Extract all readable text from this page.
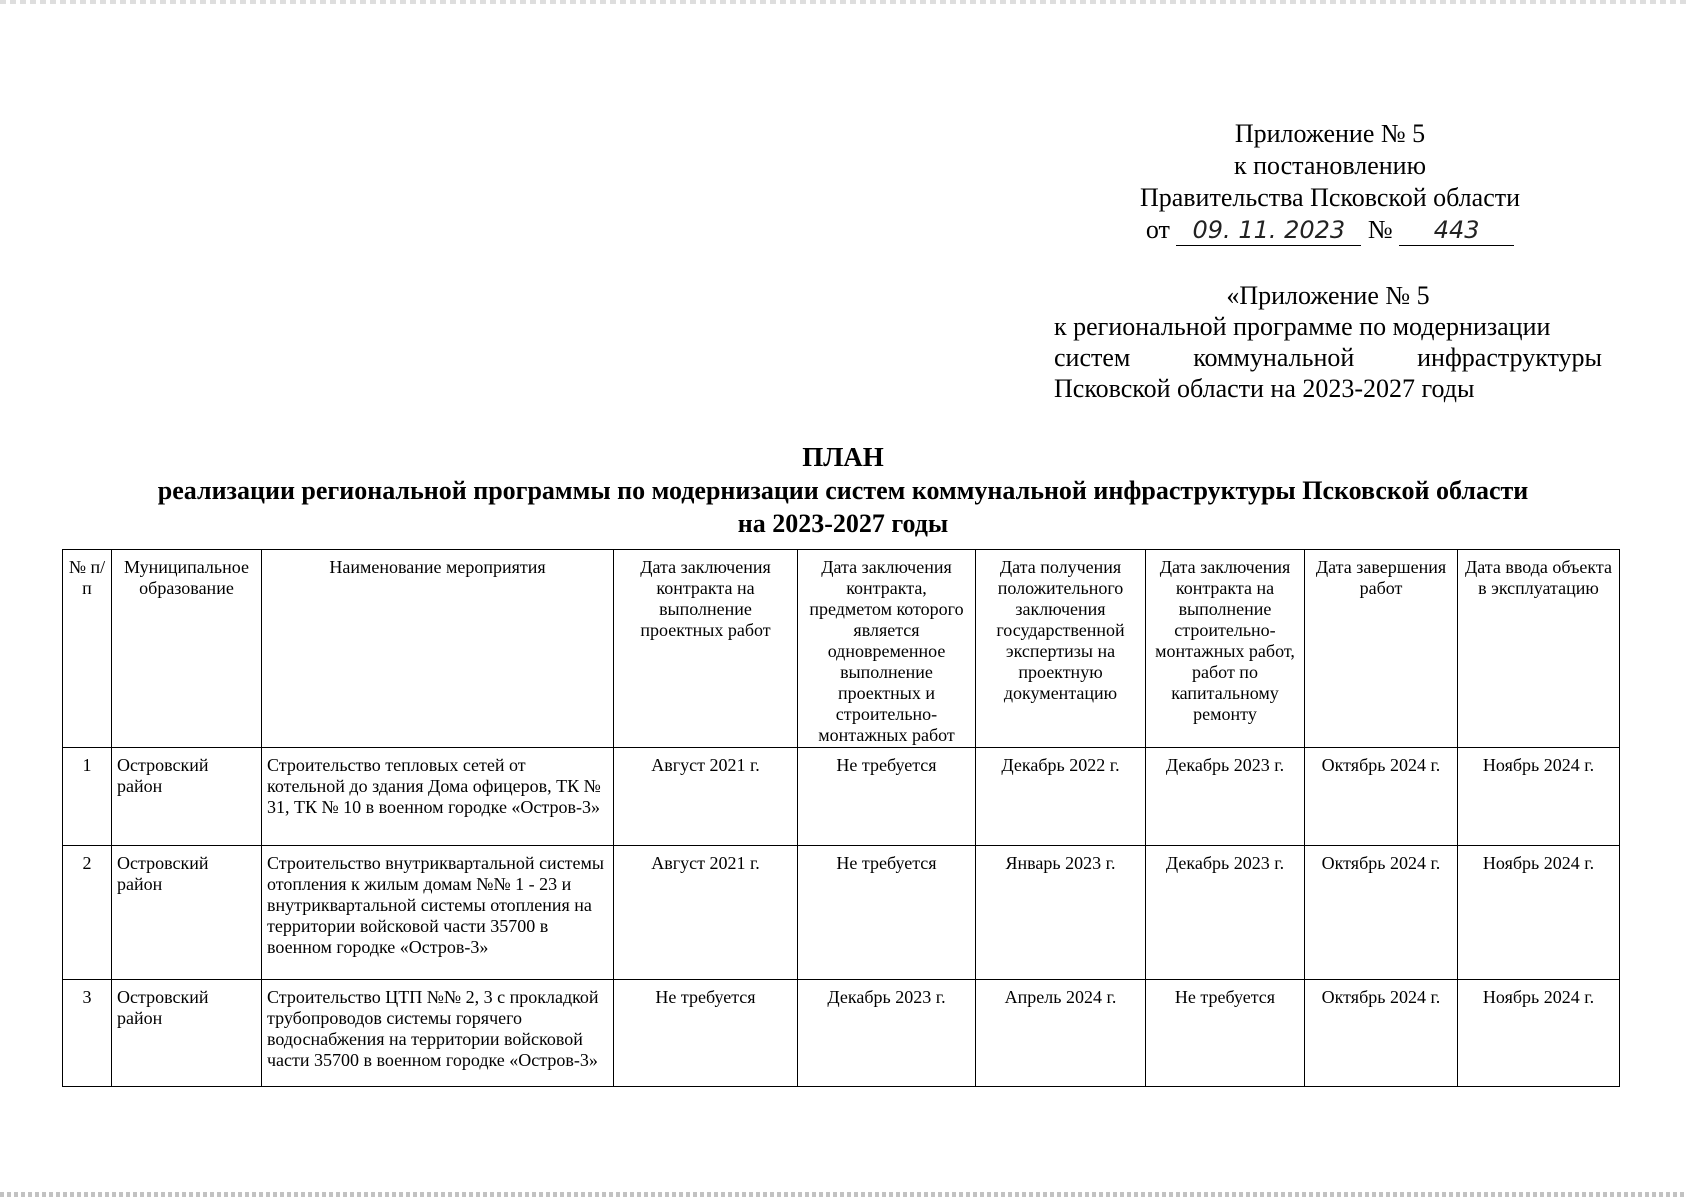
Приложение № 5
к постановлению
Правительства Псковской области
от 09. 11. 2023 № 443
«Приложение № 5
к региональной программе по модернизации
систем коммунальной инфраструктуры
Псковской области на 2023-2027 годы
ПЛАН
реализации региональной программы по модернизации систем коммунальной инфраструктуры Псковской области
на 2023-2027 годы
№ п/п	Муниципальное образование	Наименование мероприятия	Дата заключения контракта на выполнение проектных работ	Дата заключения контракта, предметом которого является одновременное выполнение проектных и строительно-монтажных работ	Дата получения положительного заключения государственной экспертизы на проектную документацию	Дата заключения контракта на выполнение строительно-монтажных работ, работ по капитальному ремонту	Дата завершения работ	Дата ввода объекта в эксплуатацию
1	Островский район	Строительство тепловых сетей от котельной до здания Дома офицеров, ТК № 31, ТК № 10 в военном городке «Остров-3»	Август 2021 г.	Не требуется	Декабрь 2022 г.	Декабрь 2023 г.	Октябрь 2024 г.	Ноябрь 2024 г.
2	Островский район	Строительство внутриквартальной системы отопления к жилым домам №№ 1 - 23 и внутриквартальной системы отопления на территории войсковой части 35700 в военном городке «Остров-3»	Август 2021 г.	Не требуется	Январь 2023 г.	Декабрь 2023 г.	Октябрь 2024 г.	Ноябрь 2024 г.
3	Островский район	Строительство ЦТП №№ 2, 3 с прокладкой трубопроводов системы горячего водоснабжения на территории войсковой части 35700 в военном городке «Остров-3»	Не требуется	Декабрь 2023 г.	Апрель 2024 г.	Не требуется	Октябрь 2024 г.	Ноябрь 2024 г.
